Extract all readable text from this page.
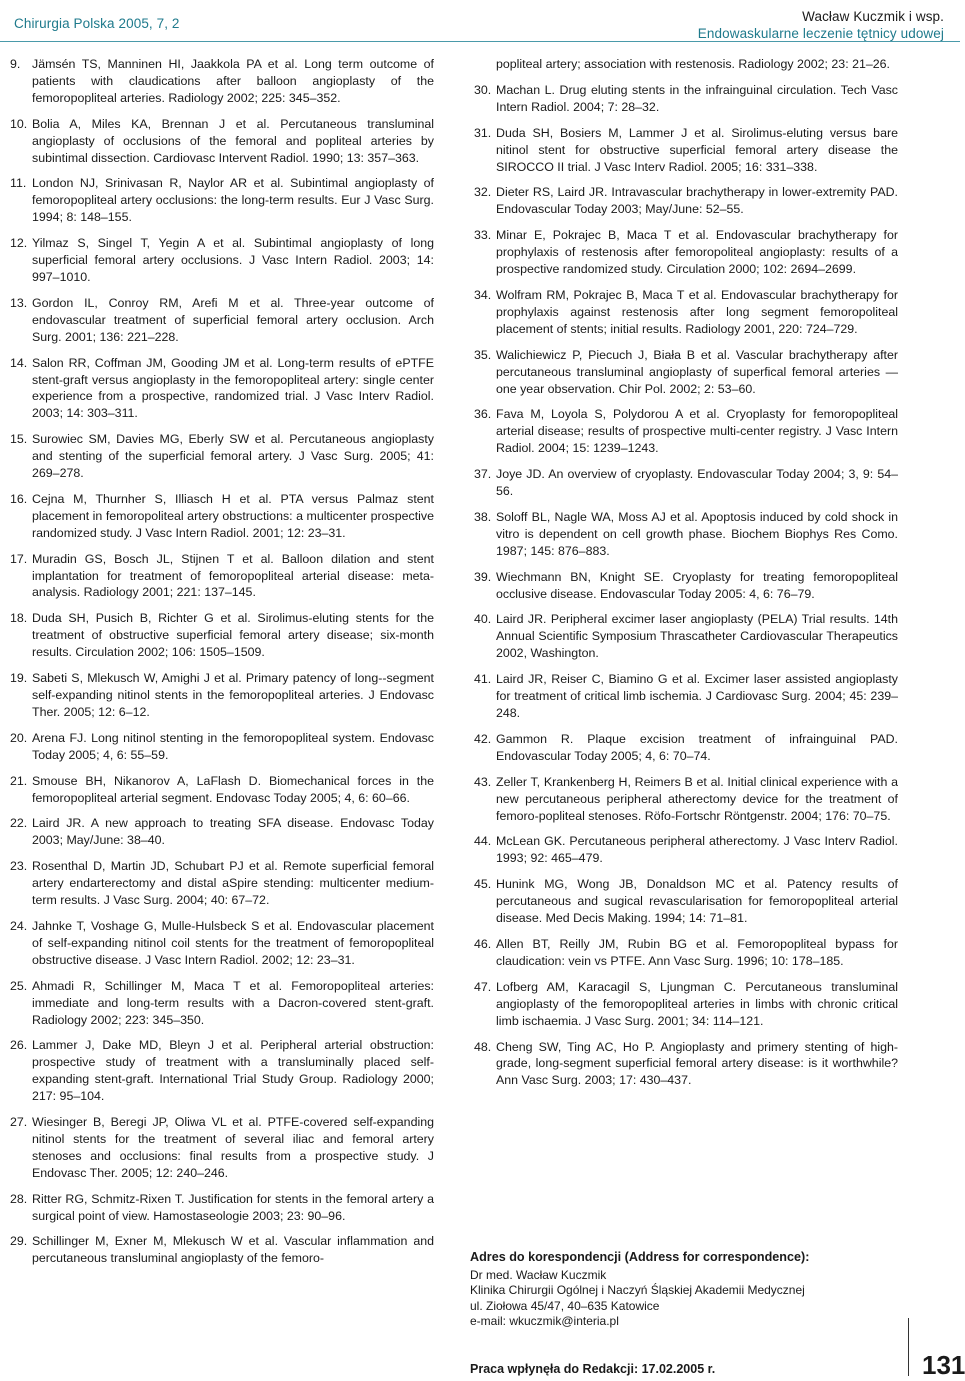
Chirurgia Polska 2005, 7, 2	Wacław Kuczmik i wsp.
Endowaskularne leczenie tętnicy udowej
9. Jämsén TS, Manninen HI, Jaakkola PA et al. Long term outcome of patients with claudications after balloon angioplasty of the femoropopliteal arteries. Radiology 2002; 225: 345–352.
10. Bolia A, Miles KA, Brennan J et al. Percutaneous transluminal angioplasty of occlusions of the femoral and popliteal arteries by subintimal dissection. Cardiovasc Intervent Radiol. 1990; 13: 357–363.
11. London NJ, Srinivasan R, Naylor AR et al. Subintimal angioplasty of femoropopliteal artery occlusions: the long-term results. Eur J Vasc Surg. 1994; 8: 148–155.
12. Yilmaz S, Singel T, Yegin A et al. Subintimal angioplasty of long superficial femoral artery occlusions. J Vasc Intern Radiol. 2003; 14: 997–1010.
13. Gordon IL, Conroy RM, Arefi M et al. Three-year outcome of endovascular treatment of superficial femoral artery occlusion. Arch Surg. 2001; 136: 221–228.
14. Salon RR, Coffman JM, Gooding JM et al. Long-term results of ePTFE stent-graft versus angioplasty in the femoropopliteal artery: single center experience from a prospective, randomized trial. J Vasc Interv Radiol. 2003; 14: 303–311.
15. Surowiec SM, Davies MG, Eberly SW et al. Percutaneous angioplasty and stenting of the superficial femoral artery. J Vasc Surg. 2005; 41: 269–278.
16. Cejna M, Thurnher S, Illiasch H et al. PTA versus Palmaz stent placement in femoropoliteal artery obstructions: a multicenter prospective randomized study. J Vasc Intern Radiol. 2001; 12: 23–31.
17. Muradin GS, Bosch JL, Stijnen T et al. Balloon dilation and stent implantation for treatment of femoropopliteal arterial disease: meta-analysis. Radiology 2001; 221: 137–145.
18. Duda SH, Pusich B, Richter G et al. Sirolimus-eluting stents for the treatment of obstructive superficial femoral artery disease; six-month results. Circulation 2002; 106: 1505–1509.
19. Sabeti S, Mlekusch W, Amighi J et al. Primary patency of long--segment self-expanding nitinol stents in the femoropopliteal arteries. J Endovasc Ther. 2005; 12: 6–12.
20. Arena FJ. Long nitinol stenting in the femoropopliteal system. Endovasc Today 2005; 4, 6: 55–59.
21. Smouse BH, Nikanorov A, LaFlash D. Biomechanical forces in the femoropopliteal arterial segment. Endovasc Today 2005; 4, 6: 60–66.
22. Laird JR. A new approach to treating SFA disease. Endovasc Today 2003; May/June: 38–40.
23. Rosenthal D, Martin JD, Schubart PJ et al. Remote superficial femoral artery endarterectomy and distal aSpire stending: multicenter medium-term results. J Vasc Surg. 2004; 40: 67–72.
24. Jahnke T, Voshage G, Mulle-Hulsbeck S et al. Endovascular placement of self-expanding nitinol coil stents for the treatment of femoropopliteal obstructive disease. J Vasc Intern Radiol. 2002; 12: 23–31.
25. Ahmadi R, Schillinger M, Maca T et al. Femoropopliteal arteries: immediate and long-term results with a Dacron-covered stent-graft. Radiology 2002; 223: 345–350.
26. Lammer J, Dake MD, Bleyn J et al. Peripheral arterial obstruction: prospective study of treatment with a transluminally placed self-expanding stent-graft. International Trial Study Group. Radiology 2000; 217: 95–104.
27. Wiesinger B, Beregi JP, Oliwa VL et al. PTFE-covered self-expanding nitinol stents for the treatment of several iliac and femoral artery stenoses and occlusions: final results from a prospective study. J Endovasc Ther. 2005; 12: 240–246.
28. Ritter RG, Schmitz-Rixen T. Justification for stents in the femoral artery a surgical point of view. Hamostaseologie 2003; 23: 90–96.
29. Schillinger M, Exner M, Mlekusch W et al. Vascular inflammation and percutaneous transluminal angioplasty of the femoro-
popliteal artery; association with restenosis. Radiology 2002; 23: 21–26.
30. Machan L. Drug eluting stents in the infrainguinal circulation. Tech Vasc Intern Radiol. 2004; 7: 28–32.
31. Duda SH, Bosiers M, Lammer J et al. Sirolimus-eluting versus bare nitinol stent for obstructive superficial femoral artery disease the SIROCCO II trial. J Vasc Interv Radiol. 2005; 16: 331–338.
32. Dieter RS, Laird JR. Intravascular brachytherapy in lower-extremity PAD. Endovascular Today 2003; May/June: 52–55.
33. Minar E, Pokrajec B, Maca T et al. Endovascular brachytherapy for prophylaxis of restenosis after femoropoliteal angioplasty: results of a prospective randomized study. Circulation 2000; 102: 2694–2699.
34. Wolfram RM, Pokrajec B, Maca T et al. Endovascular brachytherapy for prophylaxis against restenosis after long segment femoropoliteal placement of stents; initial results. Radiology 2001, 220: 724–729.
35. Walichiewicz P, Piecuch J, Biała B et al. Vascular brachytherapy after percutaneous transluminal angioplasty of superfical femoral arteries — one year observation. Chir Pol. 2002; 2: 53–60.
36. Fava M, Loyola S, Polydorou A et al. Cryoplasty for femoropopliteal arterial disease; results of prospective multi-center registry. J Vasc Intern Radiol. 2004; 15: 1239–1243.
37. Joye JD. An overview of cryoplasty. Endovascular Today 2004; 3, 9: 54–56.
38. Soloff BL, Nagle WA, Moss AJ et al. Apoptosis induced by cold shock in vitro is dependent on cell growth phase. Biochem Biophys Res Como. 1987; 145: 876–883.
39. Wiechmann BN, Knight SE. Cryoplasty for treating femoropopliteal occlusive disease. Endovascular Today 2005: 4, 6: 76–79.
40. Laird JR. Peripheral excimer laser angioplasty (PELA) Trial results. 14th Annual Scientific Symposium Thrascatheter Cardiovascular Therapeutics 2002, Washington.
41. Laird JR, Reiser C, Biamino G et al. Excimer laser assisted angioplasty for treatment of critical limb ischemia. J Cardiovasc Surg. 2004; 45: 239–248.
42. Gammon R. Plaque excision treatment of infrainguinal PAD. Endovascular Today 2005; 4, 6: 70–74.
43. Zeller T, Krankenberg H, Reimers B et al. Initial clinical experience with a new percutaneous peripheral atherectomy device for the treatment of femoro-popliteal stenoses. Röfo-Fortschr Röntgenstr. 2004; 176: 70–75.
44. McLean GK. Percutaneous peripheral atherectomy. J Vasc Interv Radiol. 1993; 92: 465–479.
45. Hunink MG, Wong JB, Donaldson MC et al. Patency results of percutaneous and sugical revascularisation for femoropopliteal arterial disease. Med Decis Making. 1994; 14: 71–81.
46. Allen BT, Reilly JM, Rubin BG et al. Femoropopliteal bypass for claudication: vein vs PTFE. Ann Vasc Surg. 1996; 10: 178–185.
47. Lofberg AM, Karacagil S, Ljungman C. Percutaneous transluminal angioplasty of the femoropopliteal arteries in limbs with chronic critical limb ischaemia. J Vasc Surg. 2001; 34: 114–121.
48. Cheng SW, Ting AC, Ho P. Angioplasty and primery stenting of high-grade, long-segment superficial femoral artery disease: is it worthwhile? Ann Vasc Surg. 2003; 17: 430–437.
Adres do korespondencji (Address for correspondence):
Dr med. Wacław Kuczmik
Klinika Chirurgii Ogólnej i Naczyń Śląskiej Akademii Medycznej
ul. Ziołowa 45/47, 40–635 Katowice
e-mail: wkuczmik@interia.pl
Praca wpłynęła do Redakcji: 17.02.2005 r.	131
